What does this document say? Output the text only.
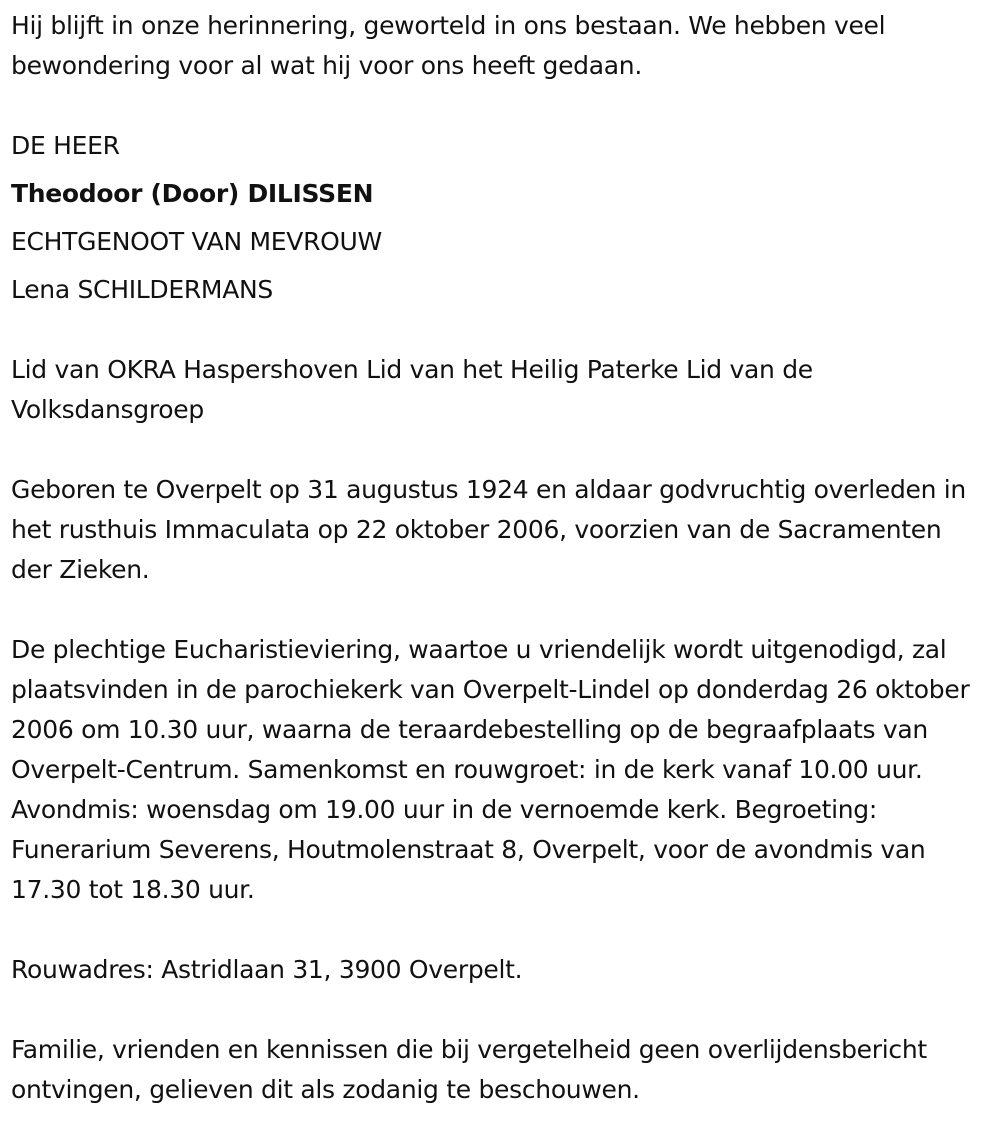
Hij blijft in onze herinnering, geworteld in ons bestaan. We hebben veel bewondering voor al wat hij voor ons heeft gedaan.

DE HEER

Theodoor (Door) DILISSEN

ECHTGENOOT VAN MEVROUW

Lena SCHILDERMANS

Lid van OKRA Haspershoven Lid van het Heilig Paterke Lid van de Volksdansgroep

Geboren te Overpelt op 31 augustus 1924 en aldaar godvruchtig overleden in het rusthuis Immaculata op 22 oktober 2006, voorzien van de Sacramenten der Zieken.

De plechtige Eucharistieviering, waartoe u vriendelijk wordt uitgenodigd, zal plaatsvinden in de parochiekerk van Overpelt-Lindel op donderdag 26 oktober 2006 om 10.30 uur, waarna de teraardebestelling op de begraafplaats van Overpelt-Centrum. Samenkomst en rouwgroet: in de kerk vanaf 10.00 uur. Avondmis: woensdag om 19.00 uur in de vernoemde kerk. Begroeting: Funerarium Severens, Houtmolenstraat 8, Overpelt, voor de avondmis van 17.30 tot 18.30 uur.

Rouwadres: Astridlaan 31, 3900 Overpelt.

Familie, vrienden en kennissen die bij vergetelheid geen overlijdensbericht ontvingen, gelieven dit als zodanig te beschouwen.
